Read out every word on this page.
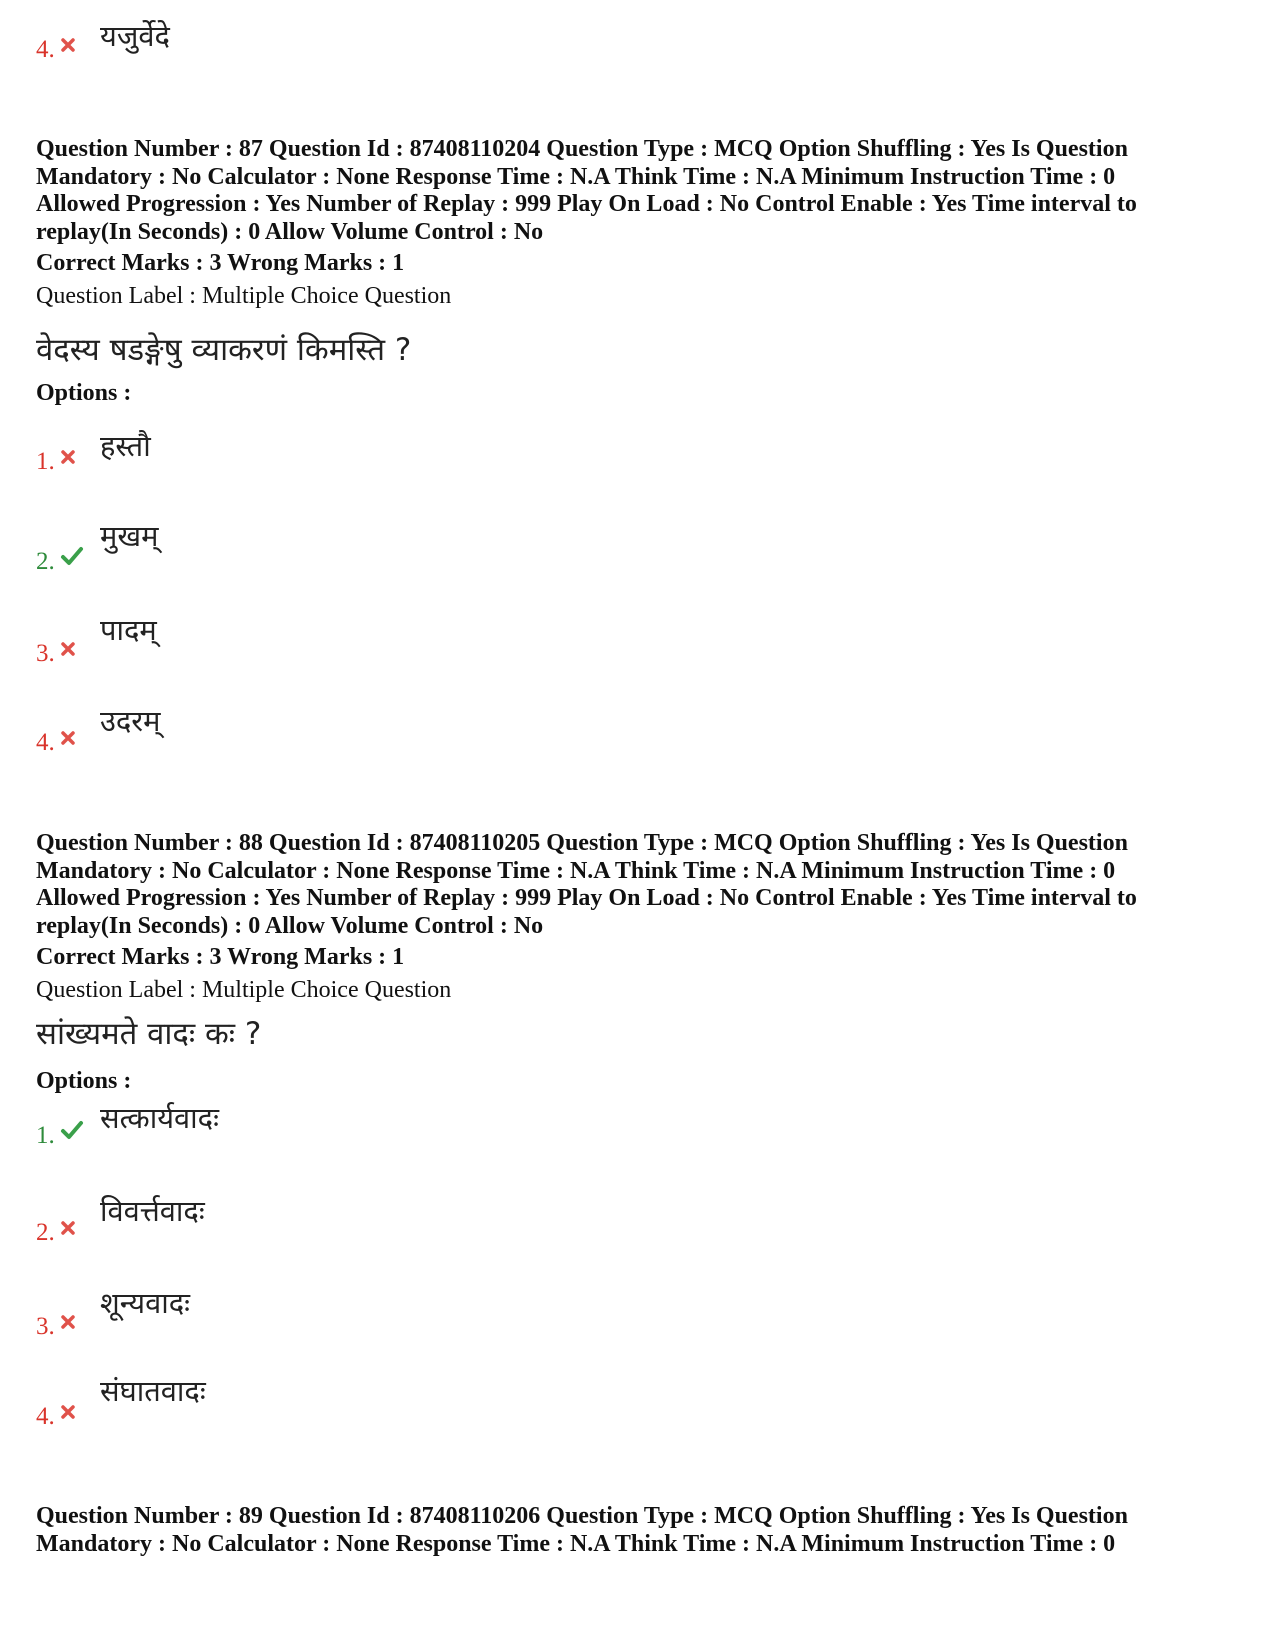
4. यजुर्वेदे
Question Number : 87 Question Id : 87408110204 Question Type : MCQ Option Shuffling : Yes Is Question
Mandatory : No Calculator : None Response Time : N.A Think Time : N.A Minimum Instruction Time : 0
Allowed Progression : Yes Number of Replay : 999 Play On Load : No Control Enable : Yes Time interval to
replay(In Seconds) : 0 Allow Volume Control : No
Correct Marks : 3 Wrong Marks : 1
Question Label : Multiple Choice Question
वेदस्य षडङ्गेषु व्याकरणं किमस्ति ?
Options :
1. हस्तौ
2.
मुखम्
3.
पादम्
4.
उदरम्
Question Number : 88 Question Id : 87408110205 Question Type : MCQ Option Shuffling : Yes Is Question
Mandatory : No Calculator : None Response Time : N.A Think Time : N.A Minimum Instruction Time : 0
Allowed Progression : Yes Number of Replay : 999 Play On Load : No Control Enable : Yes Time interval to
replay(In Seconds) : 0 Allow Volume Control : No
Correct Marks : 3 Wrong Marks : 1
Question Label : Multiple Choice Question
सांख्यमते वादः कः ?
Options :
1.
सत्कार्यवादः
2.
विवर्त्तवादः
3.
शून्यवादः
4.
संघातवादः
Question Number : 89 Question Id : 87408110206 Question Type : MCQ Option Shuffling : Yes Is Question
Mandatory : No Calculator : None Response Time : N.A Think Time : N.A Minimum Instruction Time : 0
